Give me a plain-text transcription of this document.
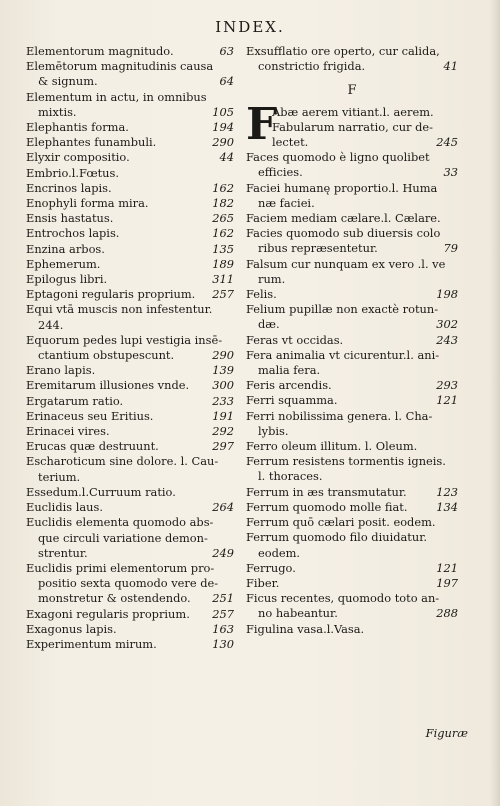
INDEX.
Elementorum magnitudo.	63
Elemētorum magnitudinis causa
& signum.	64
Elementum in actu, in omnibus
mixtis.	105
Elephantis forma.	194
Elephantes funambuli.	290
Elyxir compositio.	44
Embrio.l.Fœtus.
Encrinos lapis.	162
Enophyli forma mira.	182
Ensis hastatus.	265
Entrochos lapis.	162
Enzina arbos.	135
Ephemerum.	189
Epilogus libri.	311
Eptagoni regularis proprium.	257
Equi vtā muscis non infestentur.
244.
Equorum pedes lupi vestigia insē-
ctantium obstupescunt.	290
Erano lapis.	139
Eremitarum illusiones vnde.	300
Ergatarum ratio.	233
Erinaceus seu Eritius.	191
Erinacei vires.	292
Erucas quæ destruunt.	297
Escharoticum sine dolore. l. Cau-
terium.
Essedum.l.Curruum ratio.
Euclidis laus.	264
Euclidis elementa quomodo abs-
que circuli variatione demon-
strentur.	249
Euclidis primi elementorum pro-
positio sexta quomodo vere de-
monstretur & ostendendo. 251
Exagoni regularis proprium.	257
Exagonus lapis.	163
Experimentum mirum.	130
Exsufflatio ore operto, cur calida,
constrictio frigida.	41
F
F
Abæ aerem vitiant.l. aerem.
Fabularum narratio, cur de-
lectet.	245
Faces quomodo è ligno quolibet
efficies.	33
Faciei humanę proportio.l. Huma
næ faciei.
Faciem mediam cælare.l. Cælare.
Facies quomodo sub diuersis colo
ribus repræsentetur.	79
Falsum cur nunquam ex vero .l. ve
rum.
Felis.	198
Felium pupillæ non exactè rotun-
dæ.	302
Feras vt occidas.	243
Fera animalia vt cicurentur.l. ani-
malia fera.
Feris arcendis.	293
Ferri squamma.	121
Ferri nobilissima genera. l. Cha-
lybis.
Ferro oleum illitum. l. Oleum.
Ferrum resistens tormentis igneis.
l. thoraces.
Ferrum in æs transmutatur.	123
Ferrum quomodo molle fiat.	134
Ferrum quō cælari posit. eodem.
Ferrum quomodo filo diuidatur.
eodem.
Ferrugo.	121
Fiber.	197
Ficus recentes, quomodo toto an-
no habeantur.	288
Figulina vasa.l.Vasa.
Figuræ
